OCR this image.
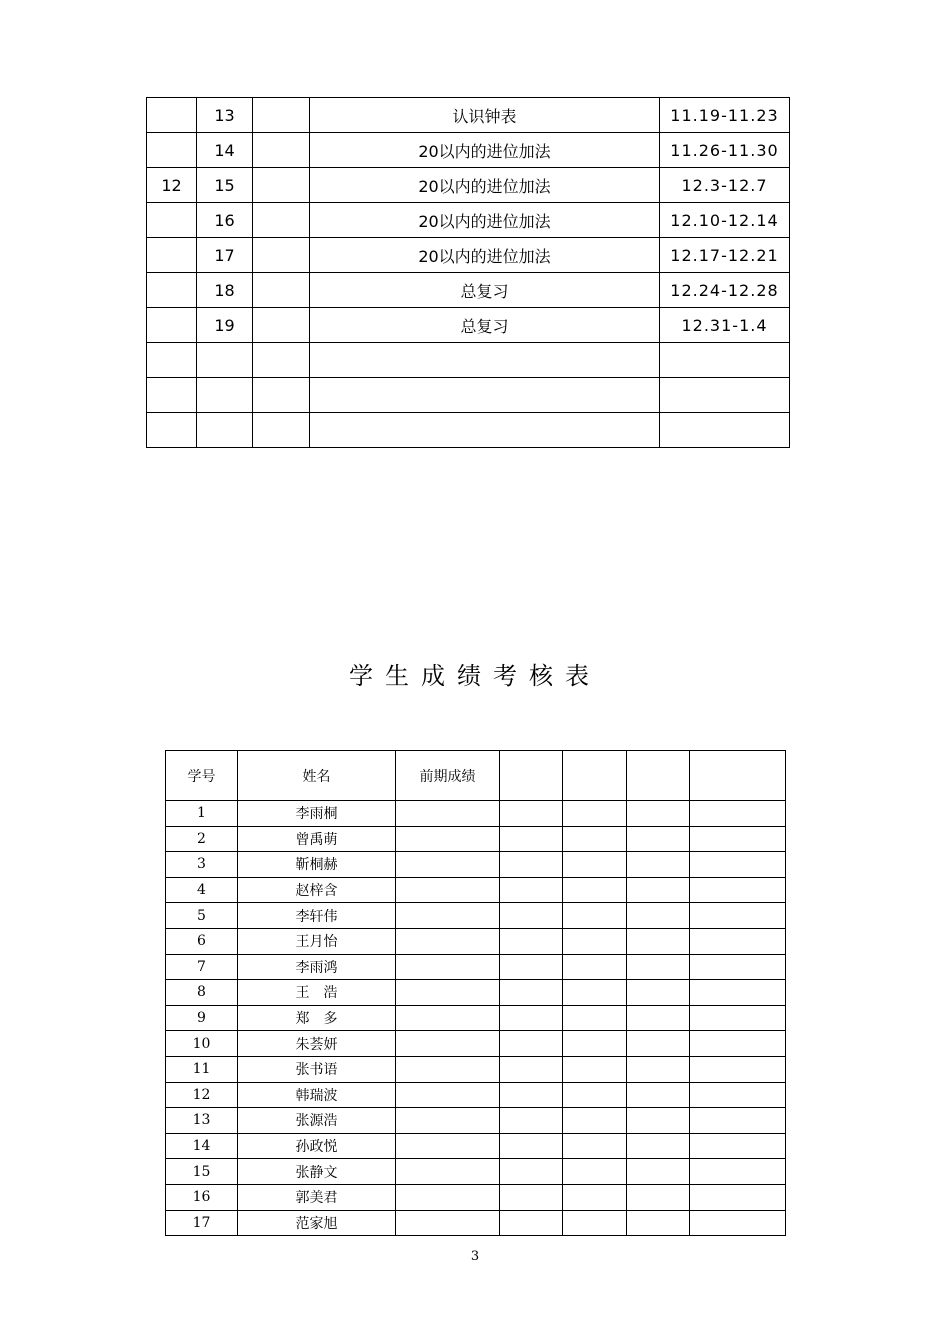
	13		认识钟表	11.19-11.23
	14		20以内的进位加法	11.26-11.30
12	15		20以内的进位加法	12.3-12.7
	16		20以内的进位加法	12.10-12.14
	17		20以内的进位加法	12.17-12.21
	18		总复习	12.24-12.28
	19		总复习	12.31-1.4

学生成绩考核表
学号	姓名	前期成绩				
1	李雨桐					
2	曾禹萌					
3	靳桐赫					
4	赵梓含					
5	李轩伟					
6	王月怡					
7	李雨鸿					
8	王　浩					
9	郑　多					
10	朱荟妍					
11	张书语					
12	韩瑞波					
13	张源浩					
14	孙政悦					
15	张静文					
16	郭美君					
17	范家旭					
3
